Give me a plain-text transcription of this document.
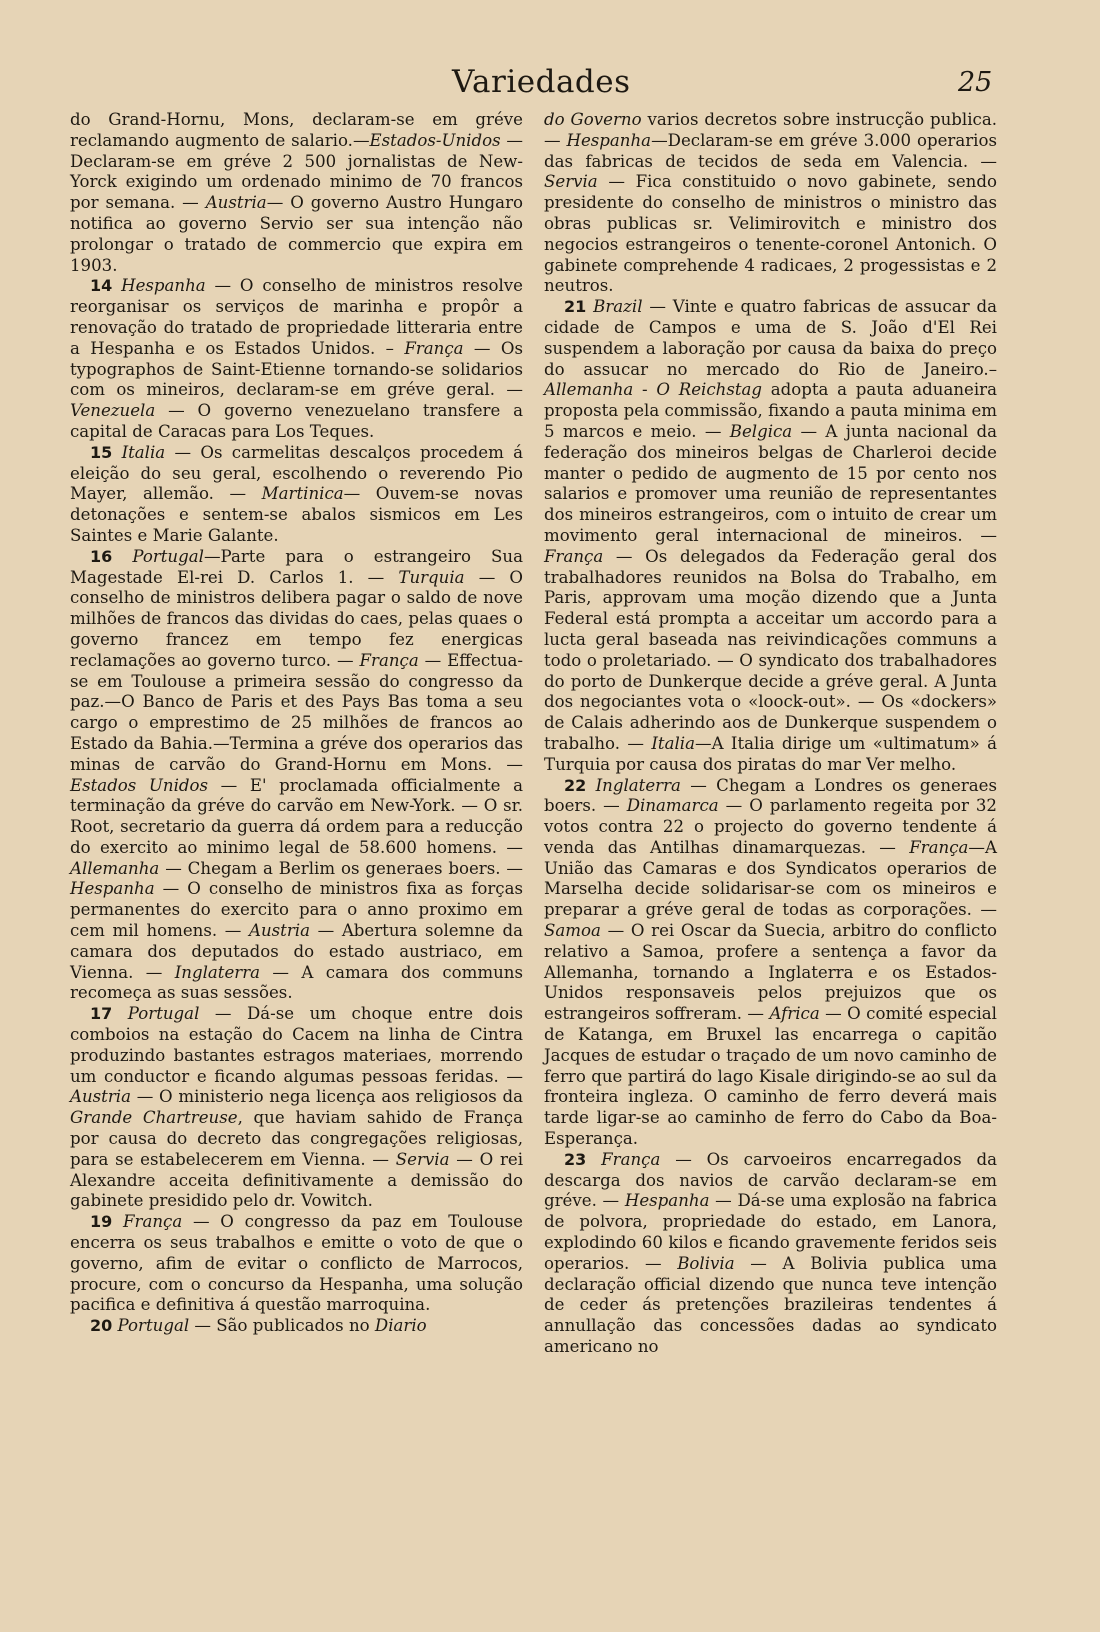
Variedades	25

do Grand-Hornu, Mons, declaram-se em gréve reclamando augmento de salario.—Estados-Unidos — Declaram-se em gréve 2 500 jornalistas de New-Yorck exigindo um ordenado minimo de 70 francos por semana. — Austria— O governo Austro Hungaro notifica ao governo Servio ser sua intenção não prolongar o tratado de commercio que expira em 1903.

14 Hespanha — O conselho de ministros resolve reorganisar os serviços de marinha e propôr a renovação do tratado de propriedade litteraria entre a Hespanha e os Estados Unidos. – França — Os typographos de Saint-Etienne tornando-se solidarios com os mineiros, declaram-se em gréve geral. — Venezuela — O governo venezuelano transfere a capital de Caracas para Los Teques.

15 Italia — Os carmelitas descalços procedem á eleição do seu geral, escolhendo o reverendo Pio Mayer, allemão. — Martinica— Ouvem-se novas detonações e sentem-se abalos sismicos em Les Saintes e Marie Galante.

16 Portugal—Parte para o estrangeiro Sua Magestade El-rei D. Carlos 1. — Turquia — O conselho de ministros delibera pagar o saldo de nove milhões de francos das dividas do caes, pelas quaes o governo francez em tempo fez energicas reclamações ao governo turco. — França — Effectua-se em Toulouse a primeira sessão do congresso da paz.—O Banco de Paris et des Pays Bas toma a seu cargo o emprestimo de 25 milhões de francos ao Estado da Bahia.—Termina a gréve dos operarios das minas de carvão do Grand-Hornu em Mons. — Estados Unidos — E' proclamada officialmente a terminação da gréve do carvão em New-York. — O sr. Root, secretario da guerra dá ordem para a reducção do exercito ao minimo legal de 58.600 homens. — Allemanha — Chegam a Berlim os generaes boers. — Hespanha — O conselho de ministros fixa as forças permanentes do exercito para o anno proximo em cem mil homens. — Austria — Abertura solemne da camara dos deputados do estado austriaco, em Vienna. — Inglaterra — A camara dos communs recomeça as suas sessões.

17 Portugal — Dá-se um choque entre dois comboios na estação do Cacem na linha de Cintra produzindo bastantes estragos materiaes, morrendo um conductor e ficando algumas pessoas feridas. — Austria — O ministerio nega licença aos religiosos da Grande Chartreuse, que haviam sahido de França por causa do decreto das congregações religiosas, para se estabelecerem em Vienna. — Servia — O rei Alexandre acceita definitivamente a demissão do gabinete presidido pelo dr. Vowitch.

19 França — O congresso da paz em Toulouse encerra os seus trabalhos e emitte o voto de que o governo, afim de evitar o conflicto de Marrocos, procure, com o concurso da Hespanha, uma solução pacifica e definitiva á questão marroquina.

20 Portugal — São publicados no Diario

do Governo varios decretos sobre instrucção publica. — Hespanha—Declaram-se em gréve 3.000 operarios das fabricas de tecidos de seda em Valencia. — Servia — Fica constituido o novo gabinete, sendo presidente do conselho de ministros o ministro das obras publicas sr. Velimirovitch e ministro dos negocios estrangeiros o tenente-coronel Antonich. O gabinete comprehende 4 radicaes, 2 progessistas e 2 neutros.

21 Brazil — Vinte e quatro fabricas de assucar da cidade de Campos e uma de S. João d'El Rei suspendem a laboração por causa da baixa do preço do assucar no mercado do Rio de Janeiro.– Allemanha - O Reichstag adopta a pauta aduaneira proposta pela commissão, fixando a pauta minima em 5 marcos e meio. — Belgica — A junta nacional da federação dos mineiros belgas de Charleroi decide manter o pedido de augmento de 15 por cento nos salarios e promover uma reunião de representantes dos mineiros estrangeiros, com o intuito de crear um movimento geral internacional de mineiros. — França — Os delegados da Federação geral dos trabalhadores reunidos na Bolsa do Trabalho, em Paris, approvam uma moção dizendo que a Junta Federal está prompta a acceitar um accordo para a lucta geral baseada nas reivindicações communs a todo o proletariado. — O syndicato dos trabalhadores do porto de Dunkerque decide a gréve geral. A Junta dos negociantes vota o «loock-out». — Os «dockers» de Calais adherindo aos de Dunkerque suspendem o trabalho. — Italia—A Italia dirige um «ultimatum» á Turquia por causa dos piratas do mar Ver melho.

22 Inglaterra — Chegam a Londres os generaes boers. — Dinamarca — O parlamento regeita por 32 votos contra 22 o projecto do governo tendente á venda das Antilhas dinamarquezas. — França—A União das Camaras e dos Syndicatos operarios de Marselha decide solidarisar-se com os mineiros e preparar a gréve geral de todas as corporações. — Samoa — O rei Oscar da Suecia, arbitro do conflicto relativo a Samoa, profere a sentença a favor da Allemanha, tornando a Inglaterra e os Estados-Unidos responsaveis pelos prejuizos que os estrangeiros soffreram. — Africa — O comité especial de Katanga, em Bruxel las encarrega o capitão Jacques de estudar o traçado de um novo caminho de ferro que partirá do lago Kisale dirigindo-se ao sul da fronteira ingleza. O caminho de ferro deverá mais tarde ligar-se ao caminho de ferro do Cabo da Boa-Esperança.

23 França — Os carvoeiros encarregados da descarga dos navios de carvão declaram-se em gréve. — Hespanha — Dá-se uma explosão na fabrica de polvora, propriedade do estado, em Lanora, explodindo 60 kilos e ficando gravemente feridos seis operarios. — Bolivia — A Bolivia publica uma declaração official dizendo que nunca teve intenção de ceder ás pretenções brazileiras tendentes á annullação das concessões dadas ao syndicato americano no
